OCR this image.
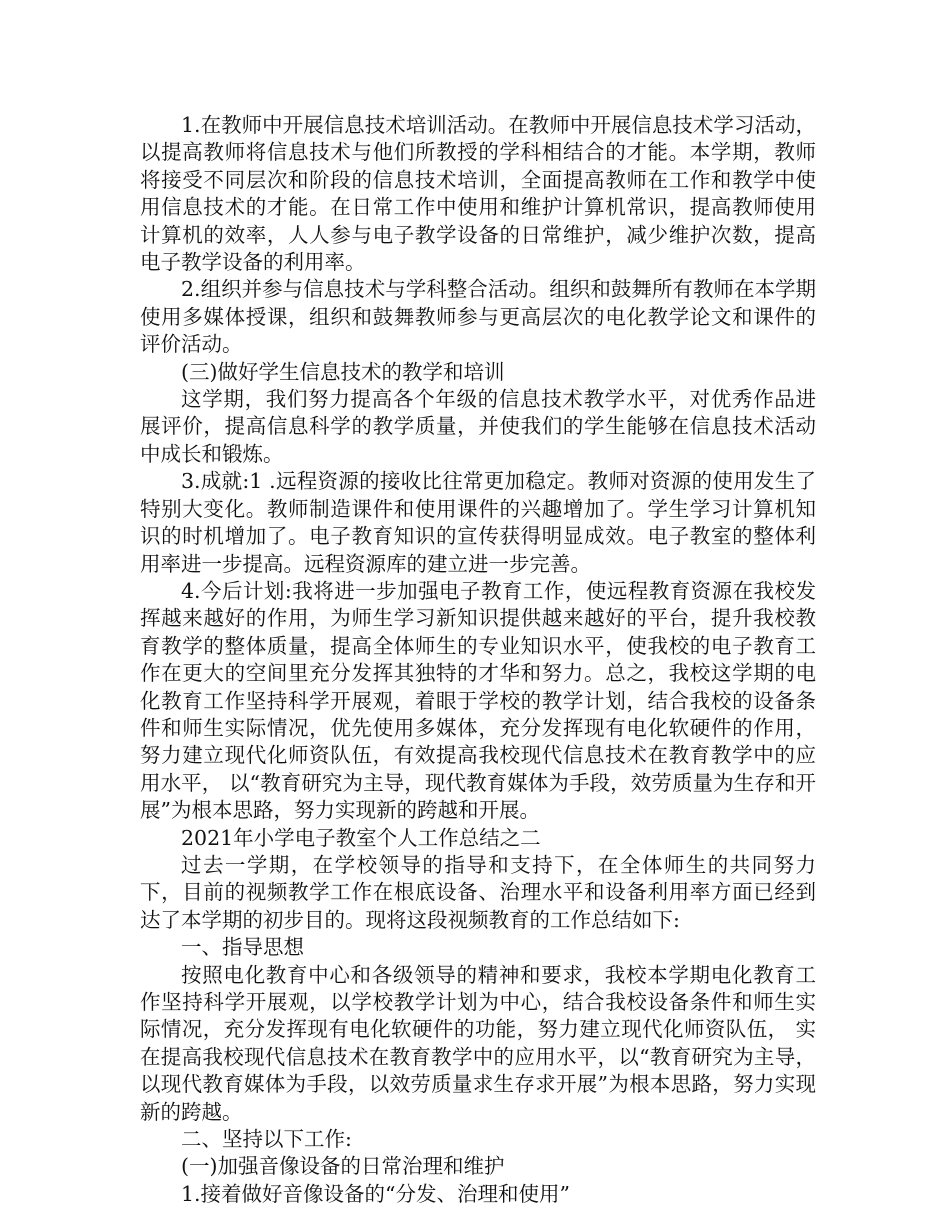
1.在教师中开展信息技术培训活动。在教师中开展信息技术学习活动，以提高教师将信息技术与他们所教授的学科相结合的才能。本学期，教师将接受不同层次和阶段的信息技术培训，全面提高教师在工作和教学中使用信息技术的才能。在日常工作中使用和维护计算机常识，提高教师使用计算机的效率，人人参与电子教学设备的日常维护，减少维护次数，提高电子教学设备的利用率。

2.组织并参与信息技术与学科整合活动。组织和鼓舞所有教师在本学期使用多媒体授课，组织和鼓舞教师参与更高层次的电化教学论文和课件的评价活动。

(三)做好学生信息技术的教学和培训

这学期，我们努力提高各个年级的信息技术教学水平，对优秀作品进展评价，提高信息科学的教学质量，并使我们的学生能够在信息技术活动中成长和锻炼。

3.成就:1 .远程资源的接收比往常更加稳定。教师对资源的使用发生了特别大变化。教师制造课件和使用课件的兴趣增加了。学生学习计算机知识的时机增加了。电子教育知识的宣传获得明显成效。电子教室的整体利用率进一步提高。远程资源库的建立进一步完善。

4.今后计划:我将进一步加强电子教育工作，使远程教育资源在我校发挥越来越好的作用，为师生学习新知识提供越来越好的平台，提升我校教育教学的整体质量，提高全体师生的专业知识水平，使我校的电子教育工作在更大的空间里充分发挥其独特的才华和努力。总之，我校这学期的电化教育工作坚持科学开展观，着眼于学校的教学计划，结合我校的设备条件和师生实际情况，优先使用多媒体，充分发挥现有电化软硬件的作用，努力建立现代化师资队伍，有效提高我校现代信息技术在教育教学中的应用水平， 以“教育研究为主导，现代教育媒体为手段，效劳质量为生存和开展”为根本思路，努力实现新的跨越和开展。

2021年小学电子教室个人工作总结之二

过去一学期，在学校领导的指导和支持下，在全体师生的共同努力下，目前的视频教学工作在根底设备、治理水平和设备利用率方面已经到达了本学期的初步目的。现将这段视频教育的工作总结如下:

一、指导思想

按照电化教育中心和各级领导的精神和要求，我校本学期电化教育工作坚持科学开展观，以学校教学计划为中心，结合我校设备条件和师生实际情况，充分发挥现有电化软硬件的功能，努力建立现代化师资队伍， 实在提高我校现代信息技术在教育教学中的应用水平，以“教育研究为主导，以现代教育媒体为手段，以效劳质量求生存求开展”为根本思路，努力实现新的跨越。

二、坚持以下工作:

(一)加强音像设备的日常治理和维护

1.接着做好音像设备的“分发、治理和使用”
